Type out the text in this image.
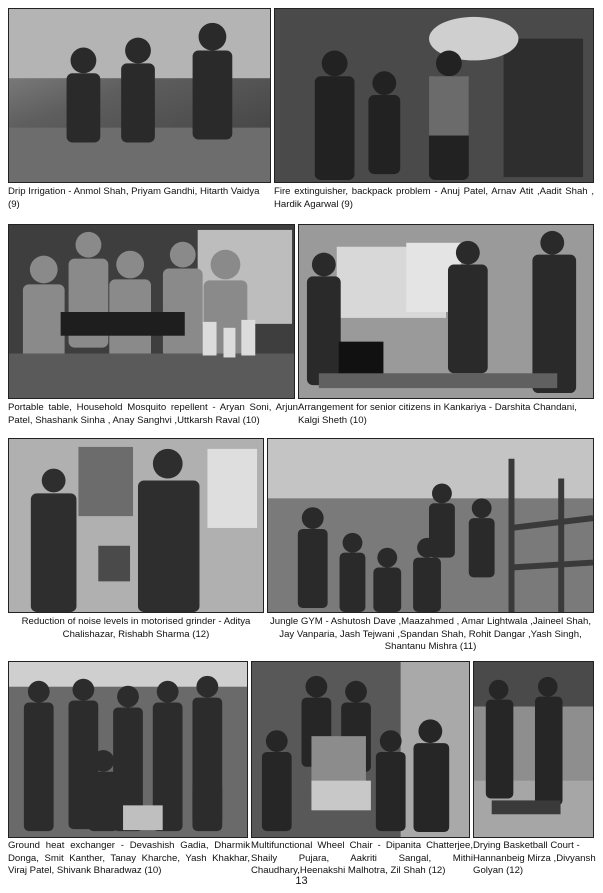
Drip Irrigation - Anmol Shah, Priyam Gandhi, Hitarth Vaidya (9)

Fire extinguisher, backpack problem - Anuj Patel, Arnav Atit ,Aadit Shah , Hardik Agarwal (9)

Portable table, Household Mosquito repellent - Aryan Soni, Arjun Patel, Shashank Sinha , Anay Sanghvi ,Uttkarsh Raval (10)

Arrangement for senior citizens in Kankariya - Darshita Chandani, Kalgi Sheth (10)

Reduction of noise levels in motorised grinder - Aditya Chalishazar, Rishabh Sharma (12)

Jungle GYM - Ashutosh Dave ,Maazahmed , Amar Lightwala ,Jaineel Shah, Jay Vanparia, Jash Tejwani ,Spandan Shah, Rohit Dangar ,Yash Singh, Shantanu Mishra (11)

Ground heat exchanger - Devashish Gadia, Dharmik Donga, Smit Kanther, Tanay Kharche, Yash Khakhar, Viraj Patel, Shivank Bharadwaz (10)

Multifunctional Wheel Chair - Dipanita Chatterjee, Shaily Pujara, Aakriti Sangal, Mithi Chaudhary,Heenakshi Malhotra, Zil Shah (12)

Drying Basketball Court - Hannanbeig Mirza ,Divyansh Golyan (12)

13
